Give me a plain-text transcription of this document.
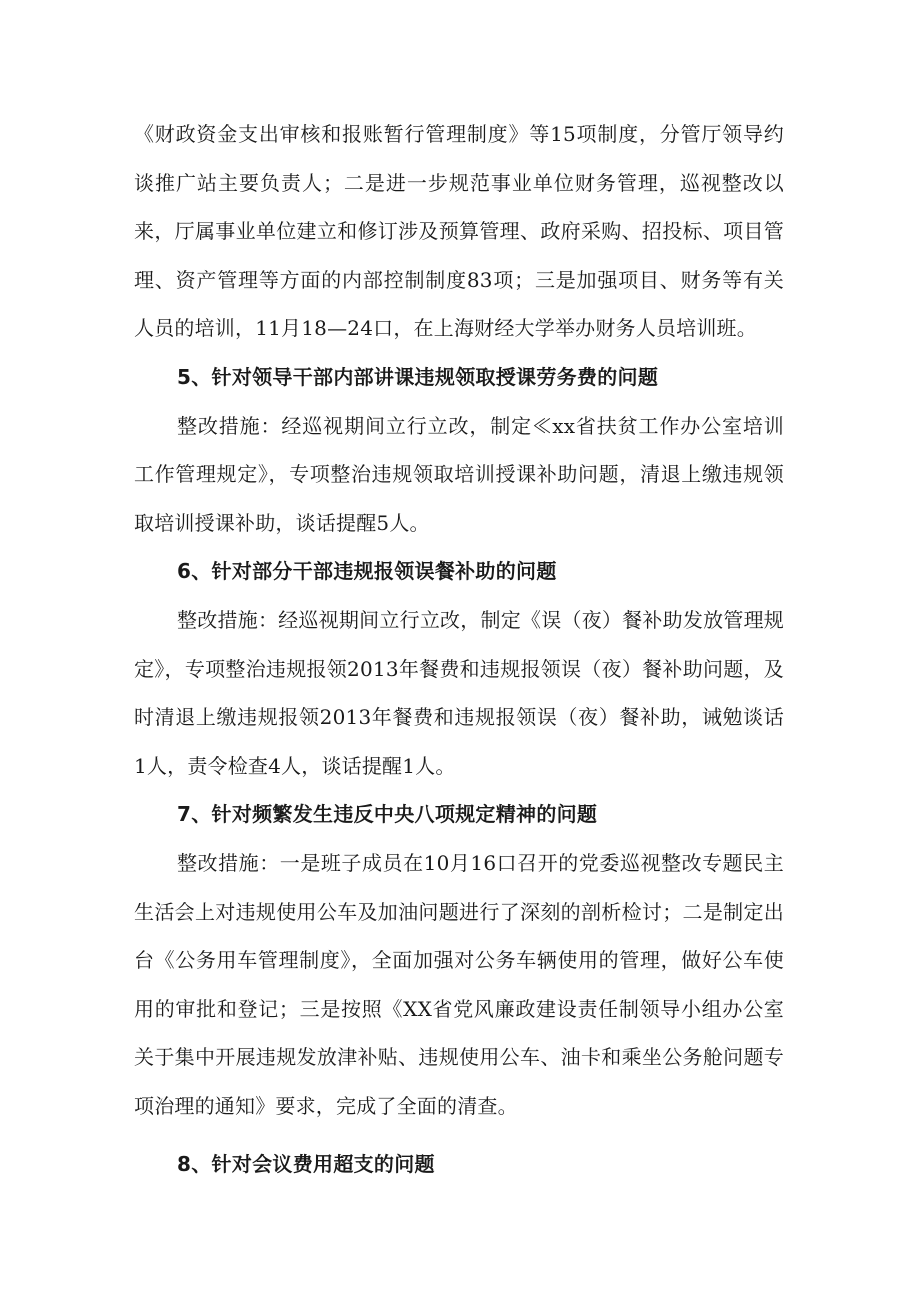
《财政资金支出审核和报账暂行管理制度》等15项制度，分管厅领导约谈推广站主要负责人；二是进一步规范事业单位财务管理，巡视整改以来，厅属事业单位建立和修订涉及预算管理、政府采购、招投标、项目管理、资产管理等方面的内部控制制度83项；三是加强项目、财务等有关人员的培训，11月18—24口，在上海财经大学举办财务人员培训班。

5、针对领导干部内部讲课违规领取授课劳务费的问题

整改措施：经巡视期间立行立改，制定≪xx省扶贫工作办公室培训工作管理规定》，专项整治违规领取培训授课补助问题，清退上缴违规领取培训授课补助，谈话提醒5人。

6、针对部分干部违规报领误餐补助的问题

整改措施：经巡视期间立行立改，制定《误（夜）餐补助发放管理规定》，专项整治违规报领2013年餐费和违规报领误（夜）餐补助问题，及时清退上缴违规报领2013年餐费和违规报领误（夜）餐补助，诫勉谈话1人，责令检查4人，谈话提醒1人。

7、针对频繁发生违反中央八项规定精神的问题

整改措施：一是班子成员在10月16口召开的党委巡视整改专题民主生活会上对违规使用公车及加油问题进行了深刻的剖析检讨；二是制定出台《公务用车管理制度》，全面加强对公务车辆使用的管理，做好公车使用的审批和登记；三是按照《XX省党风廉政建设责任制领导小组办公室关于集中开展违规发放津补贴、违规使用公车、油卡和乘坐公务舱问题专项治理的通知》要求，完成了全面的清查。

8、针对会议费用超支的问题
